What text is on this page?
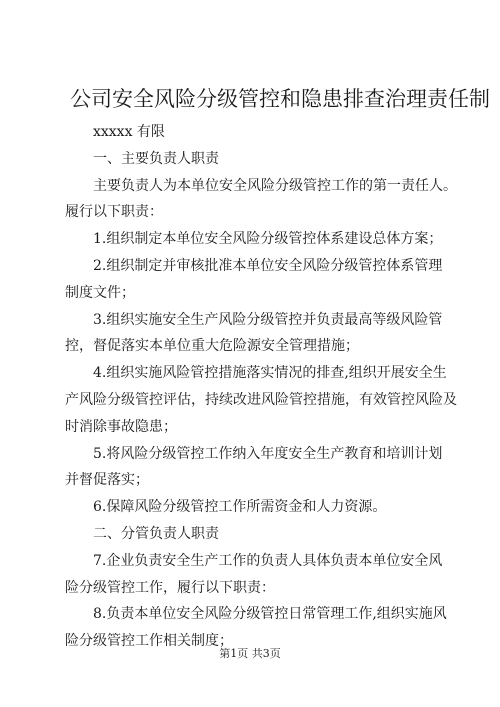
公司安全风险分级管控和隐患排查治理责任制
xxxxx 有限
一、主要负责人职责
主要负责人为本单位安全风险分级管控工作的第一责任人。
履行以下职责：
1.组织制定本单位安全风险分级管控体系建设总体方案；
2.组织制定并审核批准本单位安全风险分级管控体系管理
制度文件；
3.组织实施安全生产风险分级管控并负责最高等级风险管
控，督促落实本单位重大危险源安全管理措施；
4.组织实施风险管控措施落实情况的排查,组织开展安全生
产风险分级管控评估，持续改进风险管控措施，有效管控风险及
时消除事故隐患；
5.将风险分级管控工作纳入年度安全生产教育和培训计划
并督促落实；
6.保障风险分级管控工作所需资金和人力资源。
二、分管负责人职责
7.企业负责安全生产工作的负责人具体负责本单位安全风
险分级管控工作，履行以下职责：
8.负责本单位安全风险分级管控日常管理工作,组织实施风
险分级管控工作相关制度；
第1页 共3页
